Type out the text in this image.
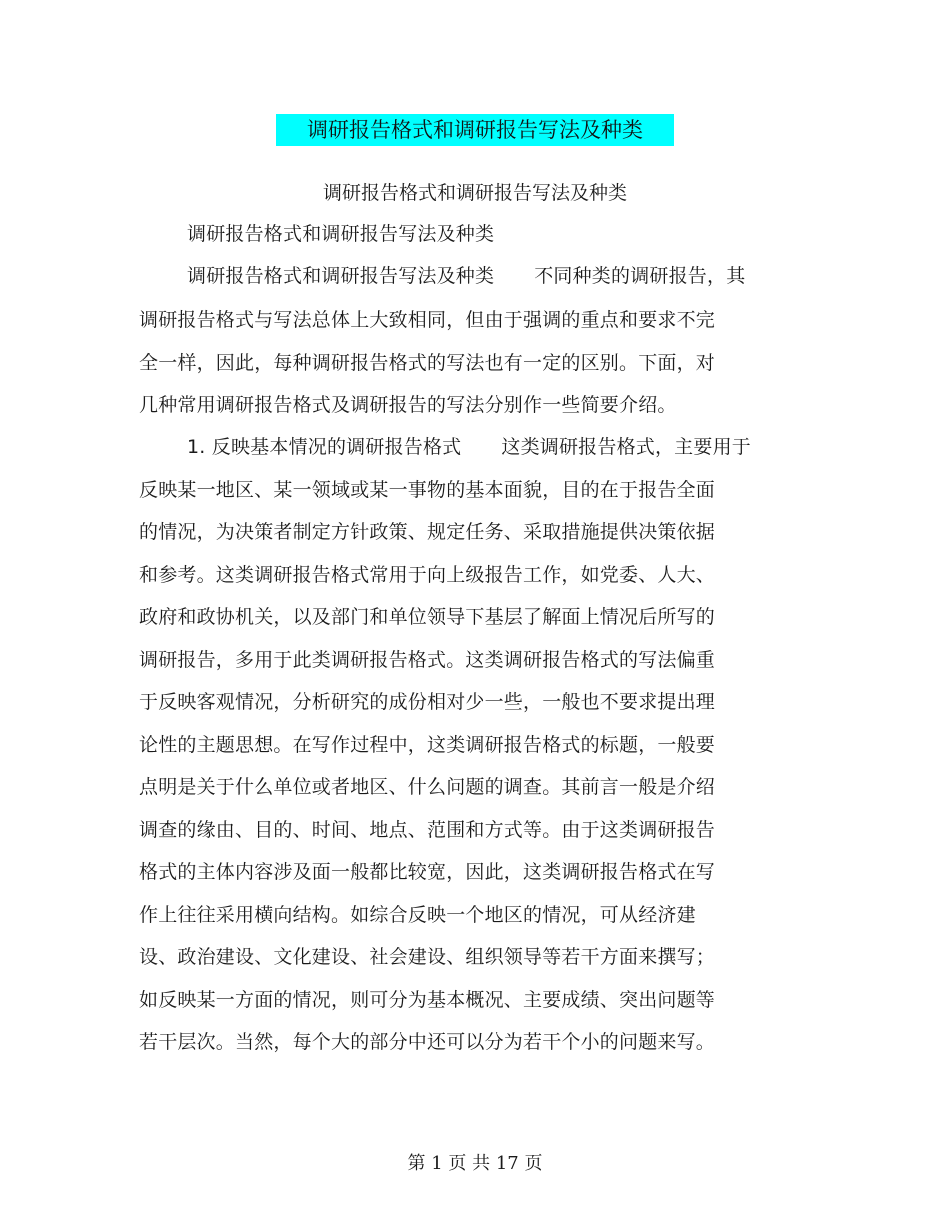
调研报告格式和调研报告写法及种类
调研报告格式和调研报告写法及种类
调研报告格式和调研报告写法及种类
调研报告格式和调研报告写法及种类 不同种类的调研报告，其
调研报告格式与写法总体上大致相同，但由于强调的重点和要求不完
全一样，因此，每种调研报告格式的写法也有一定的区别。下面，对
几种常用调研报告格式及调研报告的写法分别作一些简要介绍。
1. 反映基本情况的调研报告格式 这类调研报告格式，主要用于
反映某一地区、某一领域或某一事物的基本面貌，目的在于报告全面
的情况，为决策者制定方针政策、规定任务、采取措施提供决策依据
和参考。这类调研报告格式常用于向上级报告工作，如党委、人大、
政府和政协机关，以及部门和单位领导下基层了解面上情况后所写的
调研报告，多用于此类调研报告格式。这类调研报告格式的写法偏重
于反映客观情况，分析研究的成份相对少一些，一般也不要求提出理
论性的主题思想。在写作过程中，这类调研报告格式的标题，一般要
点明是关于什么单位或者地区、什么问题的调查。其前言一般是介绍
调查的缘由、目的、时间、地点、范围和方式等。由于这类调研报告
格式的主体内容涉及面一般都比较宽，因此，这类调研报告格式在写
作上往往采用横向结构。如综合反映一个地区的情况，可从经济建
设、政治建设、文化建设、社会建设、组织领导等若干方面来撰写；
如反映某一方面的情况，则可分为基本概况、主要成绩、突出问题等
若干层次。当然，每个大的部分中还可以分为若干个小的问题来写。
第 1 页 共 17 页
